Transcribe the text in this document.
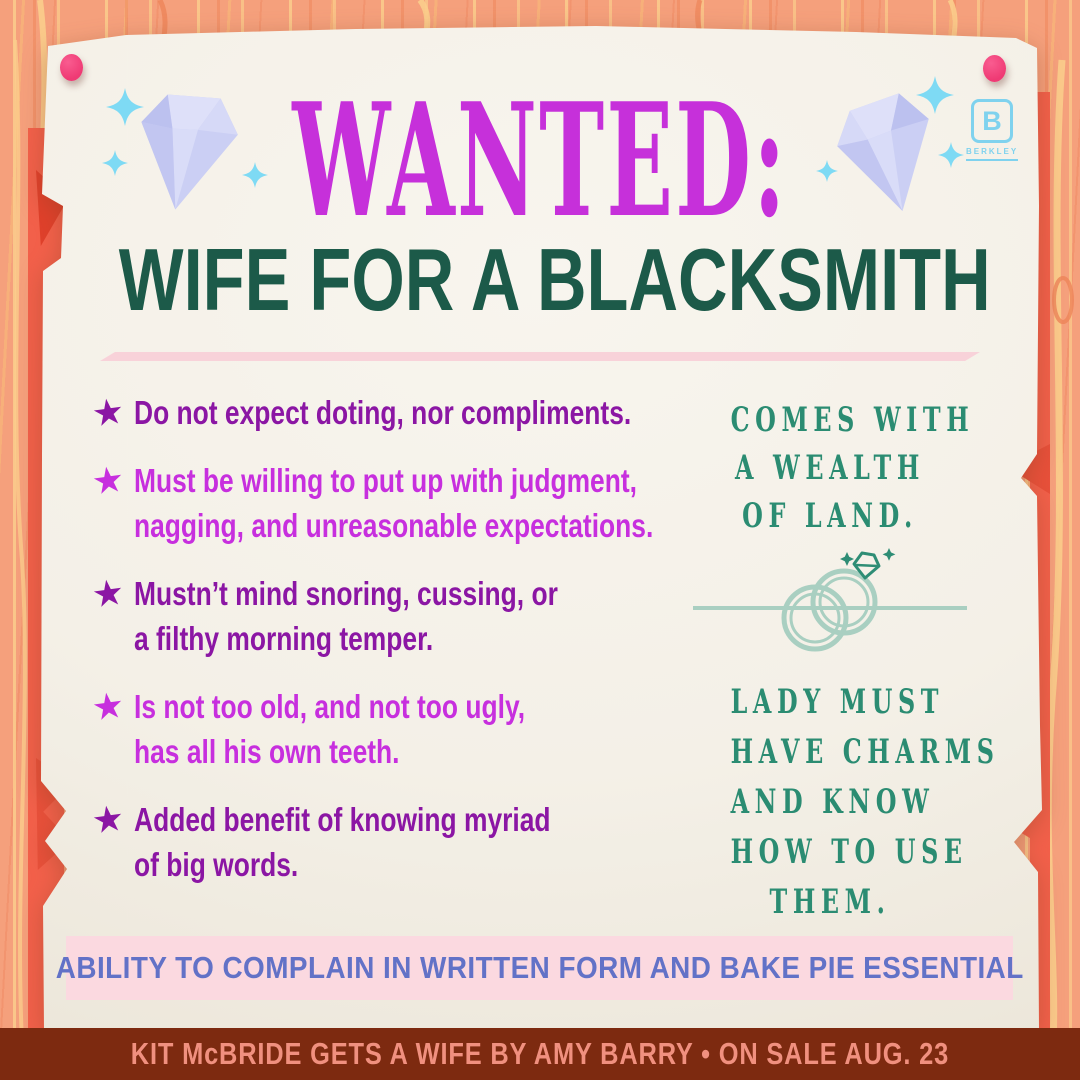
B
BERKLEY
WANTED:
WIFE FOR A BLACKSMITH
★ Do not expect doting, nor compliments.
★ Must be willing to put up with judgment,
nagging, and unreasonable expectations.
★ Mustn’t mind snoring, cussing, or
a filthy morning temper.
★ Is not too old, and not too ugly,
has all his own teeth.
★ Added benefit of knowing myriad
of big words.
COMES WITH
A WEALTH
OF LAND.
LADY MUST
HAVE CHARMS
AND KNOW
HOW TO USE
THEM.
ABILITY TO COMPLAIN IN WRITTEN FORM AND BAKE PIE ESSENTIAL
KIT McBRIDE GETS A WIFE BY AMY BARRY • ON SALE AUG. 23
